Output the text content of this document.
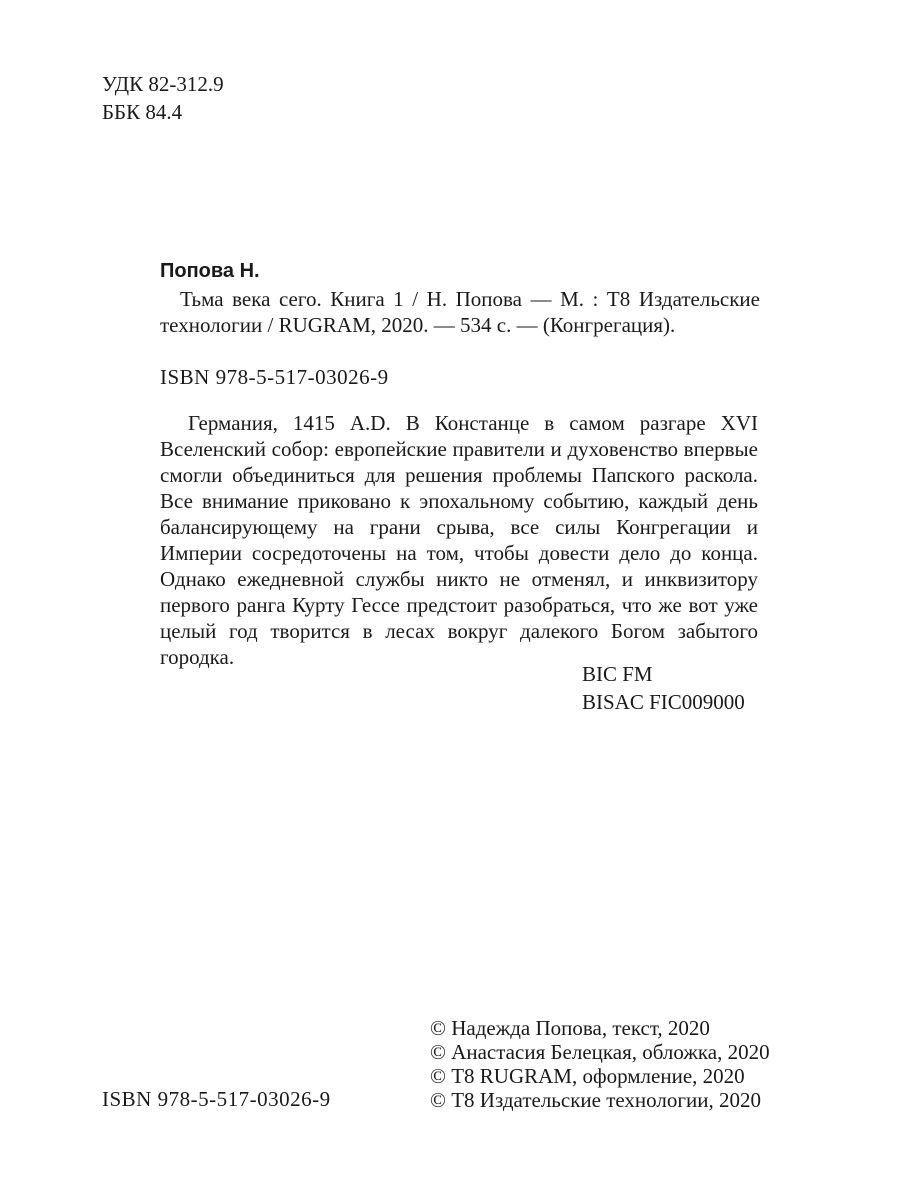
УДК 82-312.9
ББК 84.4
Попова Н.
Тьма века сего. Книга 1 / Н. Попова — М. : Т8 Издательские технологии / RUGRAM, 2020. — 534 с. — (Конгрегация).
ISBN 978-5-517-03026-9
Германия, 1415 A.D. В Констанце в самом разгаре XVI Вселенский собор: европейские правители и духовенство впервые смогли объединиться для решения проблемы Папского раскола. Все внимание приковано к эпохальному событию, каждый день балансирующему на грани срыва, все силы Конгрегации и Империи сосредоточены на том, чтобы довести дело до конца. Однако ежедневной службы никто не отменял, и инквизитору первого ранга Курту Гессе предстоит разобраться, что же вот уже целый год творится в лесах вокруг далекого Богом забытого городка.
BIC FM
BISAC FIC009000
© Надежда Попова, текст, 2020
© Анастасия Белецкая, обложка, 2020
© Т8 RUGRAM, оформление, 2020
© Т8 Издательские технологии, 2020
ISBN 978-5-517-03026-9
